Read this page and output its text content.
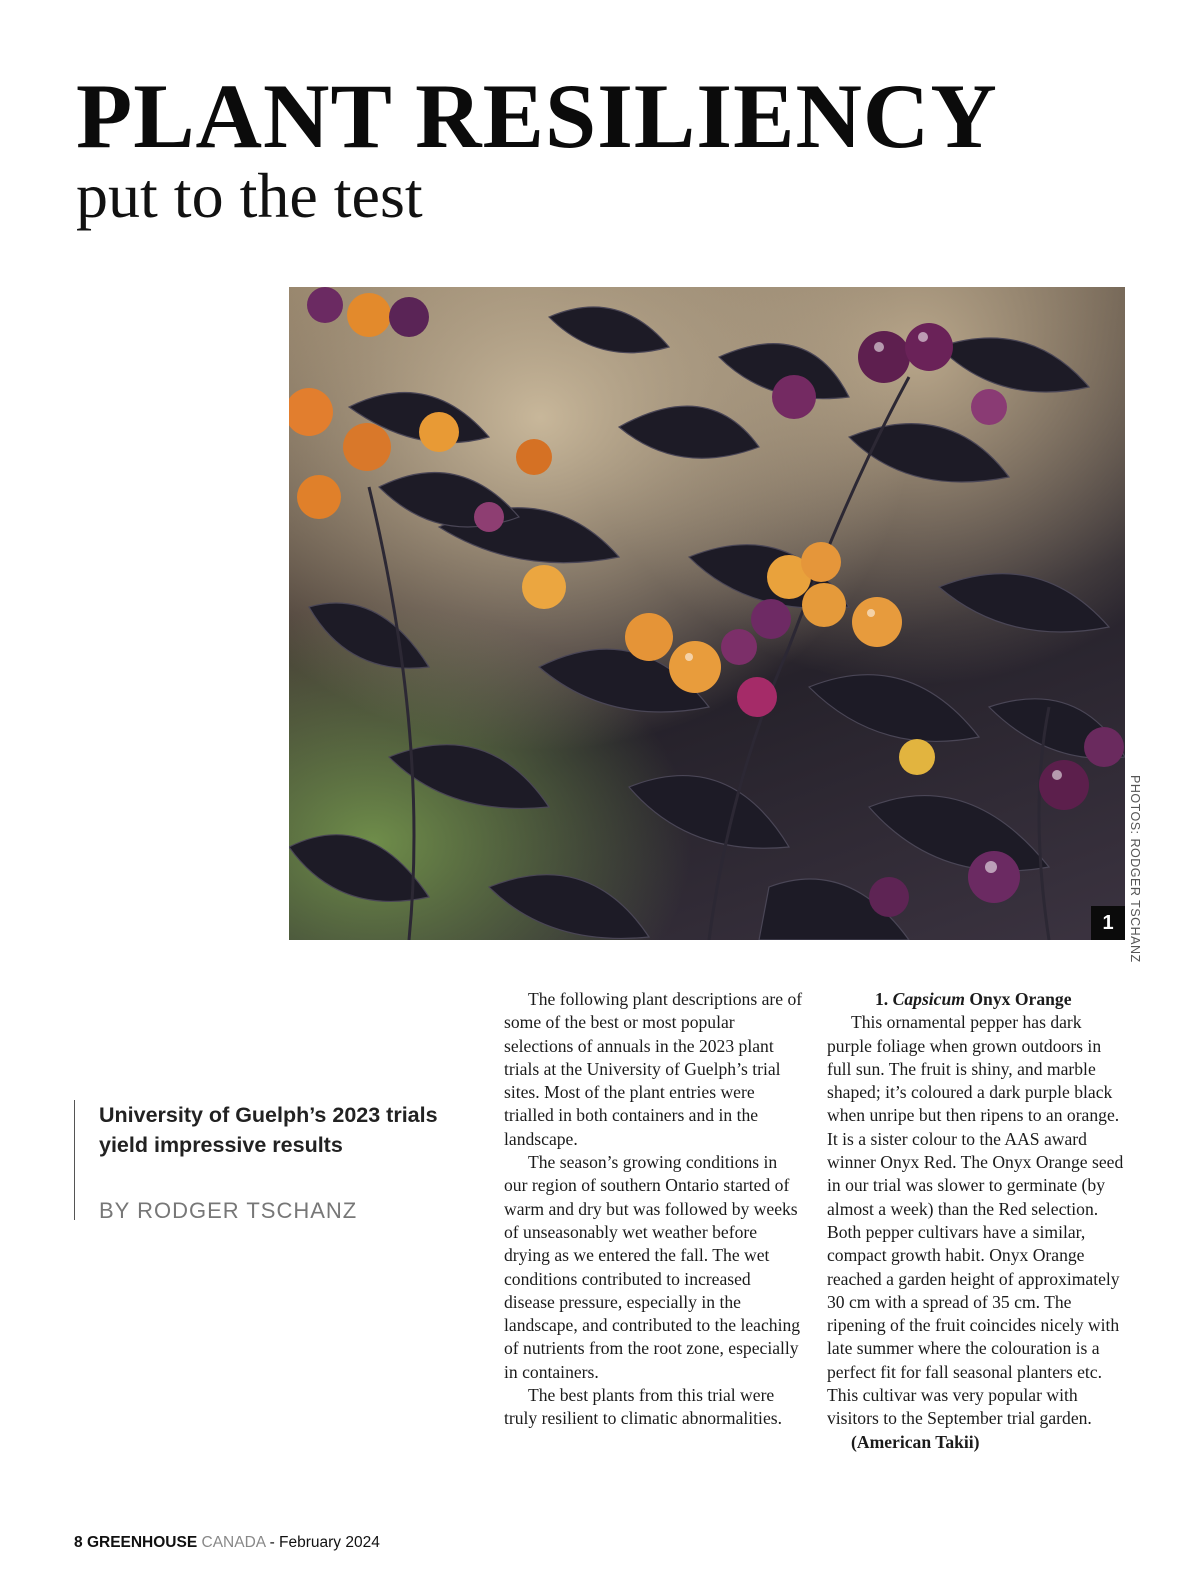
PLANT RESILIENCY
put to the test
1	PHOTOS: RODGER TSCHANZ
University of Guelph’s 2023 trials yield impressive results
BY RODGER TSCHANZ

The following plant descriptions are of some of the best or most popular selections of annuals in the 2023 plant trials at the University of Guelph’s trial sites. Most of the plant entries were trialled in both containers and in the landscape.

The season’s growing conditions in our region of southern Ontario started of warm and dry but was followed by weeks of unseasonably wet weather before drying as we entered the fall. The wet conditions contributed to increased disease pressure, especially in the landscape, and contributed to the leaching of nutrients from the root zone, especially in containers.

The best plants from this trial were truly resilient to climatic abnormalities.

1. Capsicum Onyx Orange

This ornamental pepper has dark purple foliage when grown outdoors in full sun. The fruit is shiny, and marble shaped; it’s coloured a dark purple black when unripe but then ripens to an orange. It is a sister colour to the AAS award winner Onyx Red. The Onyx Orange seed in our trial was slower to germinate (by almost a week) than the Red selection. Both pepper cultivars have a similar, compact growth habit. Onyx Orange reached a garden height of approximately 30 cm with a spread of 35 cm. The ripening of the fruit coincides nicely with late summer where the colouration is a perfect fit for fall seasonal planters etc. This cultivar was very popular with visitors to the September trial garden.

(American Takii)

8 GREENHOUSE CANADA - February 2024
